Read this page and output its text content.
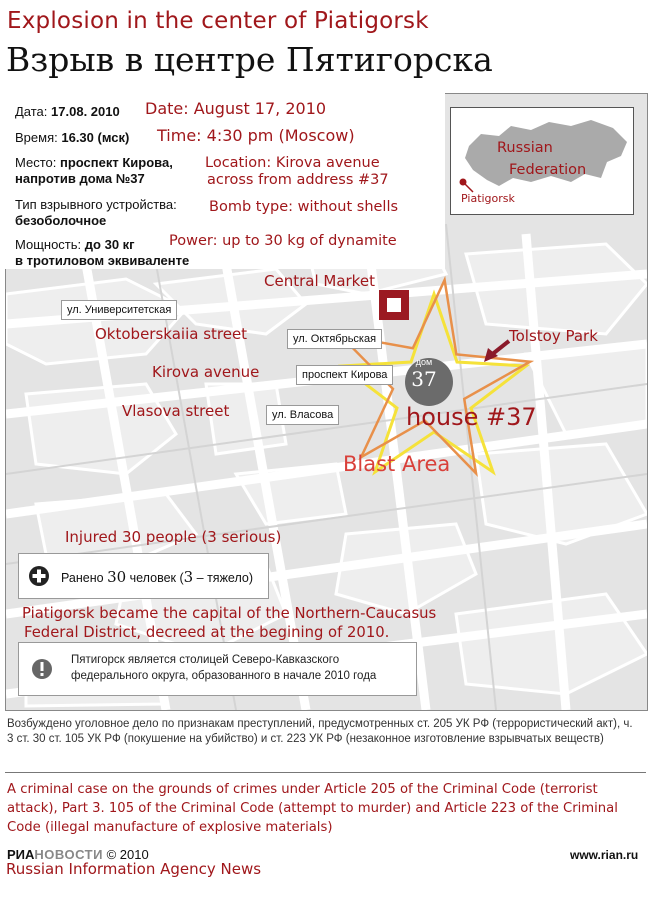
Explosion in the center of Piatigorsk
Взрыв в центре Пятигорска
Дата: 17.08. 2010 Date: August 17, 2010
Время: 16.30 (мск) Time: 4:30 pm (Moscow)
Место: проспект Кирова,
напротив дома №37
Location: Kirova avenue
across from address #37
Тип взрывного устройства:
безоболочное
Bomb type: without shells
Мощность: до 30 кг
в тротиловом эквиваленте
Power: up to 30 kg of dynamite
Russian
Federation
Piatigorsk
Central Market
Tolstoy Park
ул. Университетская
Oktoberskaiia street	ул. Октябрьская
Kirova avenue	проспект Кирова
Vlasova street	ул. Власова
дом
37
house #37
Blast Area
Injured 30 people (3 serious)
Ранено 30 человек (3 – тяжело)
Piatigorsk became the capital of the Northern-Caucasus
Federal District, decreed at the begining of 2010.
Пятигорск является столицей Северо-Кавказского
федерального округа, образованного в начале 2010 года
Возбуждено уголовное дело по признакам преступлений, предусмотренных ст. 205 УК РФ (террористический акт), ч. 3 ст. 30 ст. 105 УК РФ (покушение на убийство) и ст. 223 УК РФ (незаконное изготовление взрывчатых веществ)
A criminal case on the grounds of crimes under Article 205 of the Criminal Code (terrorist attack), Part 3. 105 of the Criminal Code (attempt to murder) and Article 223 of the Criminal Code (illegal manufacture of explosive materials)
РИАНОВОСТИ © 2010	www.rian.ru
Russian Information Agency News
